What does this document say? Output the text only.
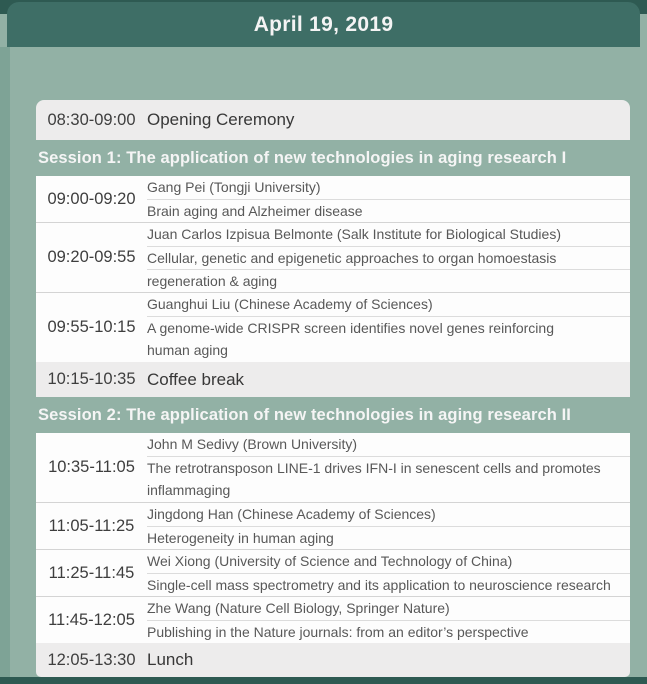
April 19, 2019
08:30-09:00 Opening Ceremony
Session 1: The application of new technologies in aging research I
09:00-09:20
Gang Pei (Tongji University)
Brain aging and Alzheimer disease
09:20-09:55
Juan Carlos Izpisua Belmonte (Salk Institute for Biological Studies)
Cellular, genetic and epigenetic approaches to organ homoestasis
regeneration & aging
09:55-10:15
Guanghui Liu (Chinese Academy of Sciences)
A genome-wide CRISPR screen identifies novel genes reinforcing
human aging
10:15-10:35 Coffee break
Session 2: The application of new technologies in aging research II
10:35-11:05
John M Sedivy (Brown University)
The retrotransposon LINE-1 drives IFN-I in senescent cells and promotes
inflammaging
11:05-11:25
Jingdong Han (Chinese Academy of Sciences)
Heterogeneity in human aging
11:25-11:45
Wei Xiong (University of Science and Technology of China)
Single-cell mass spectrometry and its application to neuroscience research
11:45-12:05
Zhe Wang (Nature Cell Biology, Springer Nature)
Publishing in the Nature journals: from an editor’s perspective
12:05-13:30 Lunch
